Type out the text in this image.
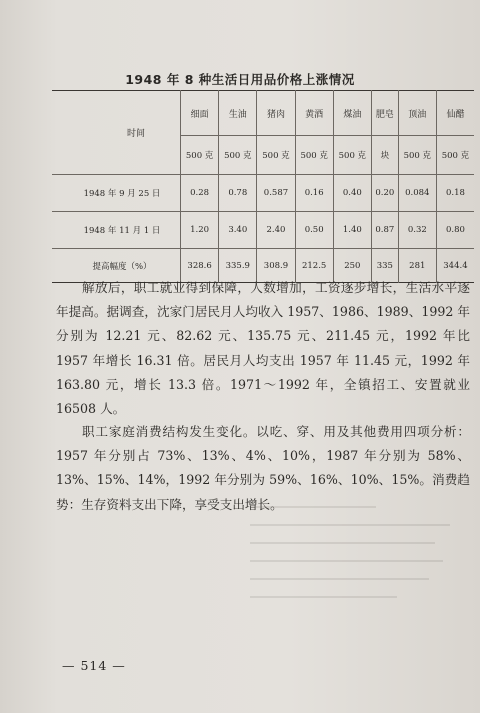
1948 年 8 种生活日用品价格上涨情况
时间	细面	生油	猪肉	黄酒	煤油	肥皂	顶油	仙醋
	500 克	500 克	500 克	500 克	500 克	块	500 克	500 克
1948 年 9 月 25 日	0.28	0.78	0.587	0.16	0.40	0.20	0.084	0.18
1948 年 11 月 1 日	1.20	3.40	2.40	0.50	1.40	0.87	0.32	0.80
提高幅度（%）	328.6	335.9	308.9	212.5	250	335	281	344.4

解放后，职工就业得到保障，人数增加，工资逐步增长，生活水平逐年提高。据调查，沈家门居民月人均收入 1957、1986、1989、1992 年分别为 12.21 元、82.62 元、135.75 元、211.45 元，1992 年比 1957 年增长 16.31 倍。居民月人均支出 1957 年 11.45 元，1992 年 163.80 元，增长 13.3 倍。1971～1992 年，全镇招工、安置就业 16508 人。

职工家庭消费结构发生变化。以吃、穿、用及其他费用四项分析：1957 年分别占 73%、13%、4%、10%，1987 年分别为 58%、13%、15%、14%，1992 年分别为 59%、16%、10%、15%。消费趋势：生存资料支出下降，享受支出增长。

— 514 —
